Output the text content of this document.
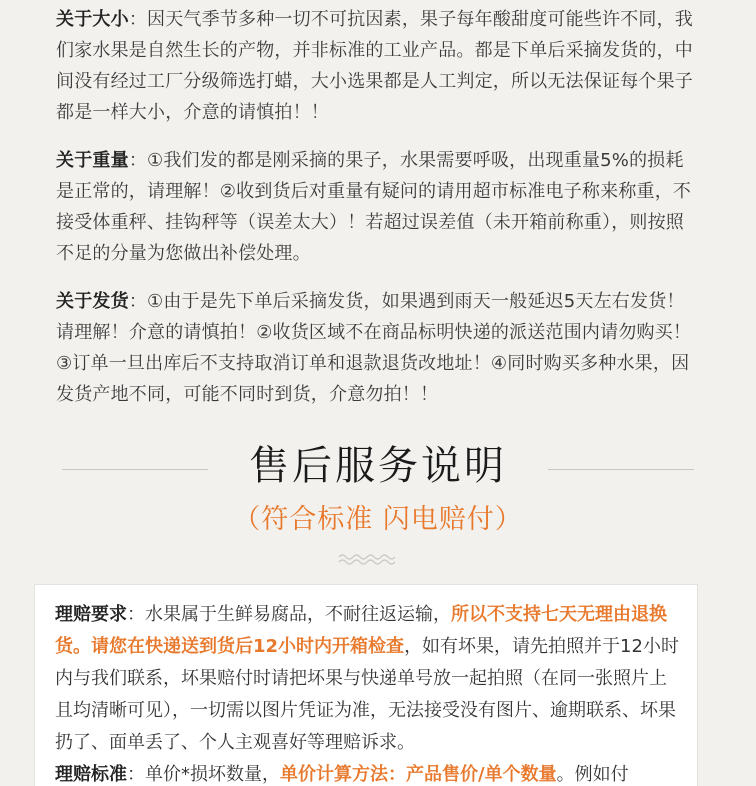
关于大小：因天气季节多种一切不可抗因素，果子每年酸甜度可能些许不同，我们家水果是自然生长的产物，并非标准的工业产品。都是下单后采摘发货的，中间没有经过工厂分级筛选打蜡，大小选果都是人工判定，所以无法保证每个果子都是一样大小，介意的请慎拍！！

关于重量：①我们发的都是刚采摘的果子，水果需要呼吸，出现重量5%的损耗是正常的，请理解！②收到货后对重量有疑问的请用超市标准电子称来称重，不接受体重秤、挂钩秤等（误差太大）！若超过误差值（未开箱前称重），则按照不足的分量为您做出补偿处理。

关于发货：①由于是先下单后采摘发货，如果遇到雨天一般延迟5天左右发货！请理解！介意的请慎拍！②收货区域不在商品标明快递的派送范围内请勿购买！③订单一旦出库后不支持取消订单和退款退货改地址！④同时购买多种水果，因发货产地不同，可能不同时到货，介意勿拍！！

售后服务说明
（符合标准 闪电赔付）

理赔要求：水果属于生鲜易腐品，不耐往返运输，所以不支持七天无理由退换货。请您在快递送到货后12小时内开箱检查，如有坏果，请先拍照并于12小时内与我们联系，坏果赔付时请把坏果与快递单号放一起拍照（在同一张照片上且均清晰可见），一切需以图片凭证为准，无法接受没有图片、逾期联系、坏果扔了、面单丢了、个人主观喜好等理赔诉求。

理赔标准：单价*损坏数量，单价计算方法：产品售价/单个数量。例如付
